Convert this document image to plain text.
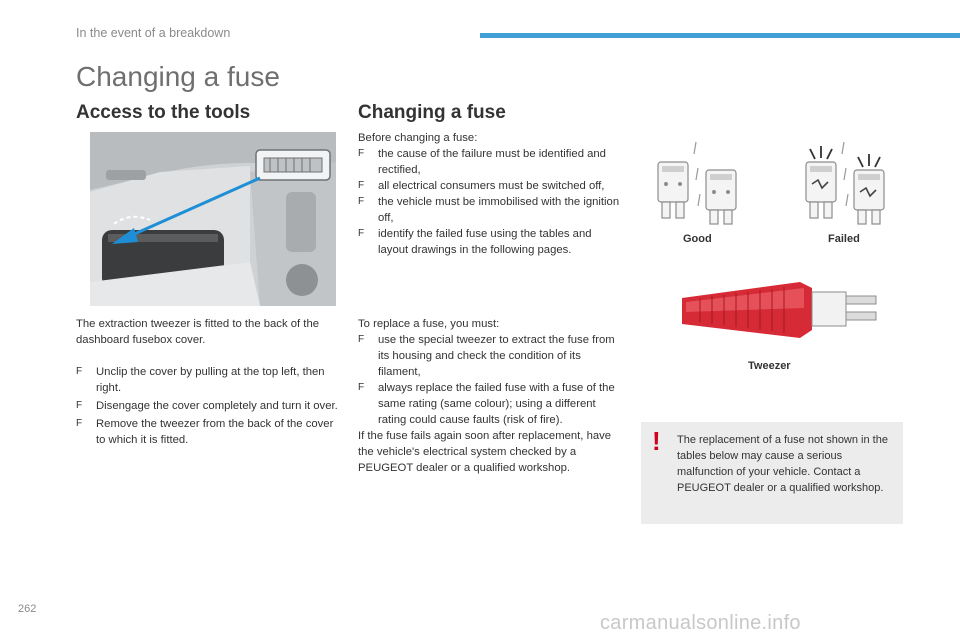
In the event of a breakdown
Changing a fuse
Access to the tools
The extraction tweezer is fitted to the back of the dashboard fusebox cover.

F Unclip the cover by pulling at the top left, then right.

F Disengage the cover completely and turn it over.

F Remove the tweezer from the back of the cover to which it is fitted.

Changing a fuse
Before changing a fuse:

F the cause of the failure must be identified and rectified,

F all electrical consumers must be switched off,

F the vehicle must be immobilised with the ignition off,

F identify the failed fuse using the tables and layout drawings in the following pages.

To replace a fuse, you must:

F use the special tweezer to extract the fuse from its housing and check the condition of its filament,

F always replace the failed fuse with a fuse of the same rating (same colour); using a different rating could cause faults (risk of fire).

If the fuse fails again soon after replacement, have the vehicle's electrical system checked by a PEUGEOT dealer or a qualified workshop.
Good	Failed
Tweezer
! The replacement of a fuse not shown in the tables below may cause a serious malfunction of your vehicle. Contact a PEUGEOT dealer or a qualified workshop.
262
carmanualsonline.info
